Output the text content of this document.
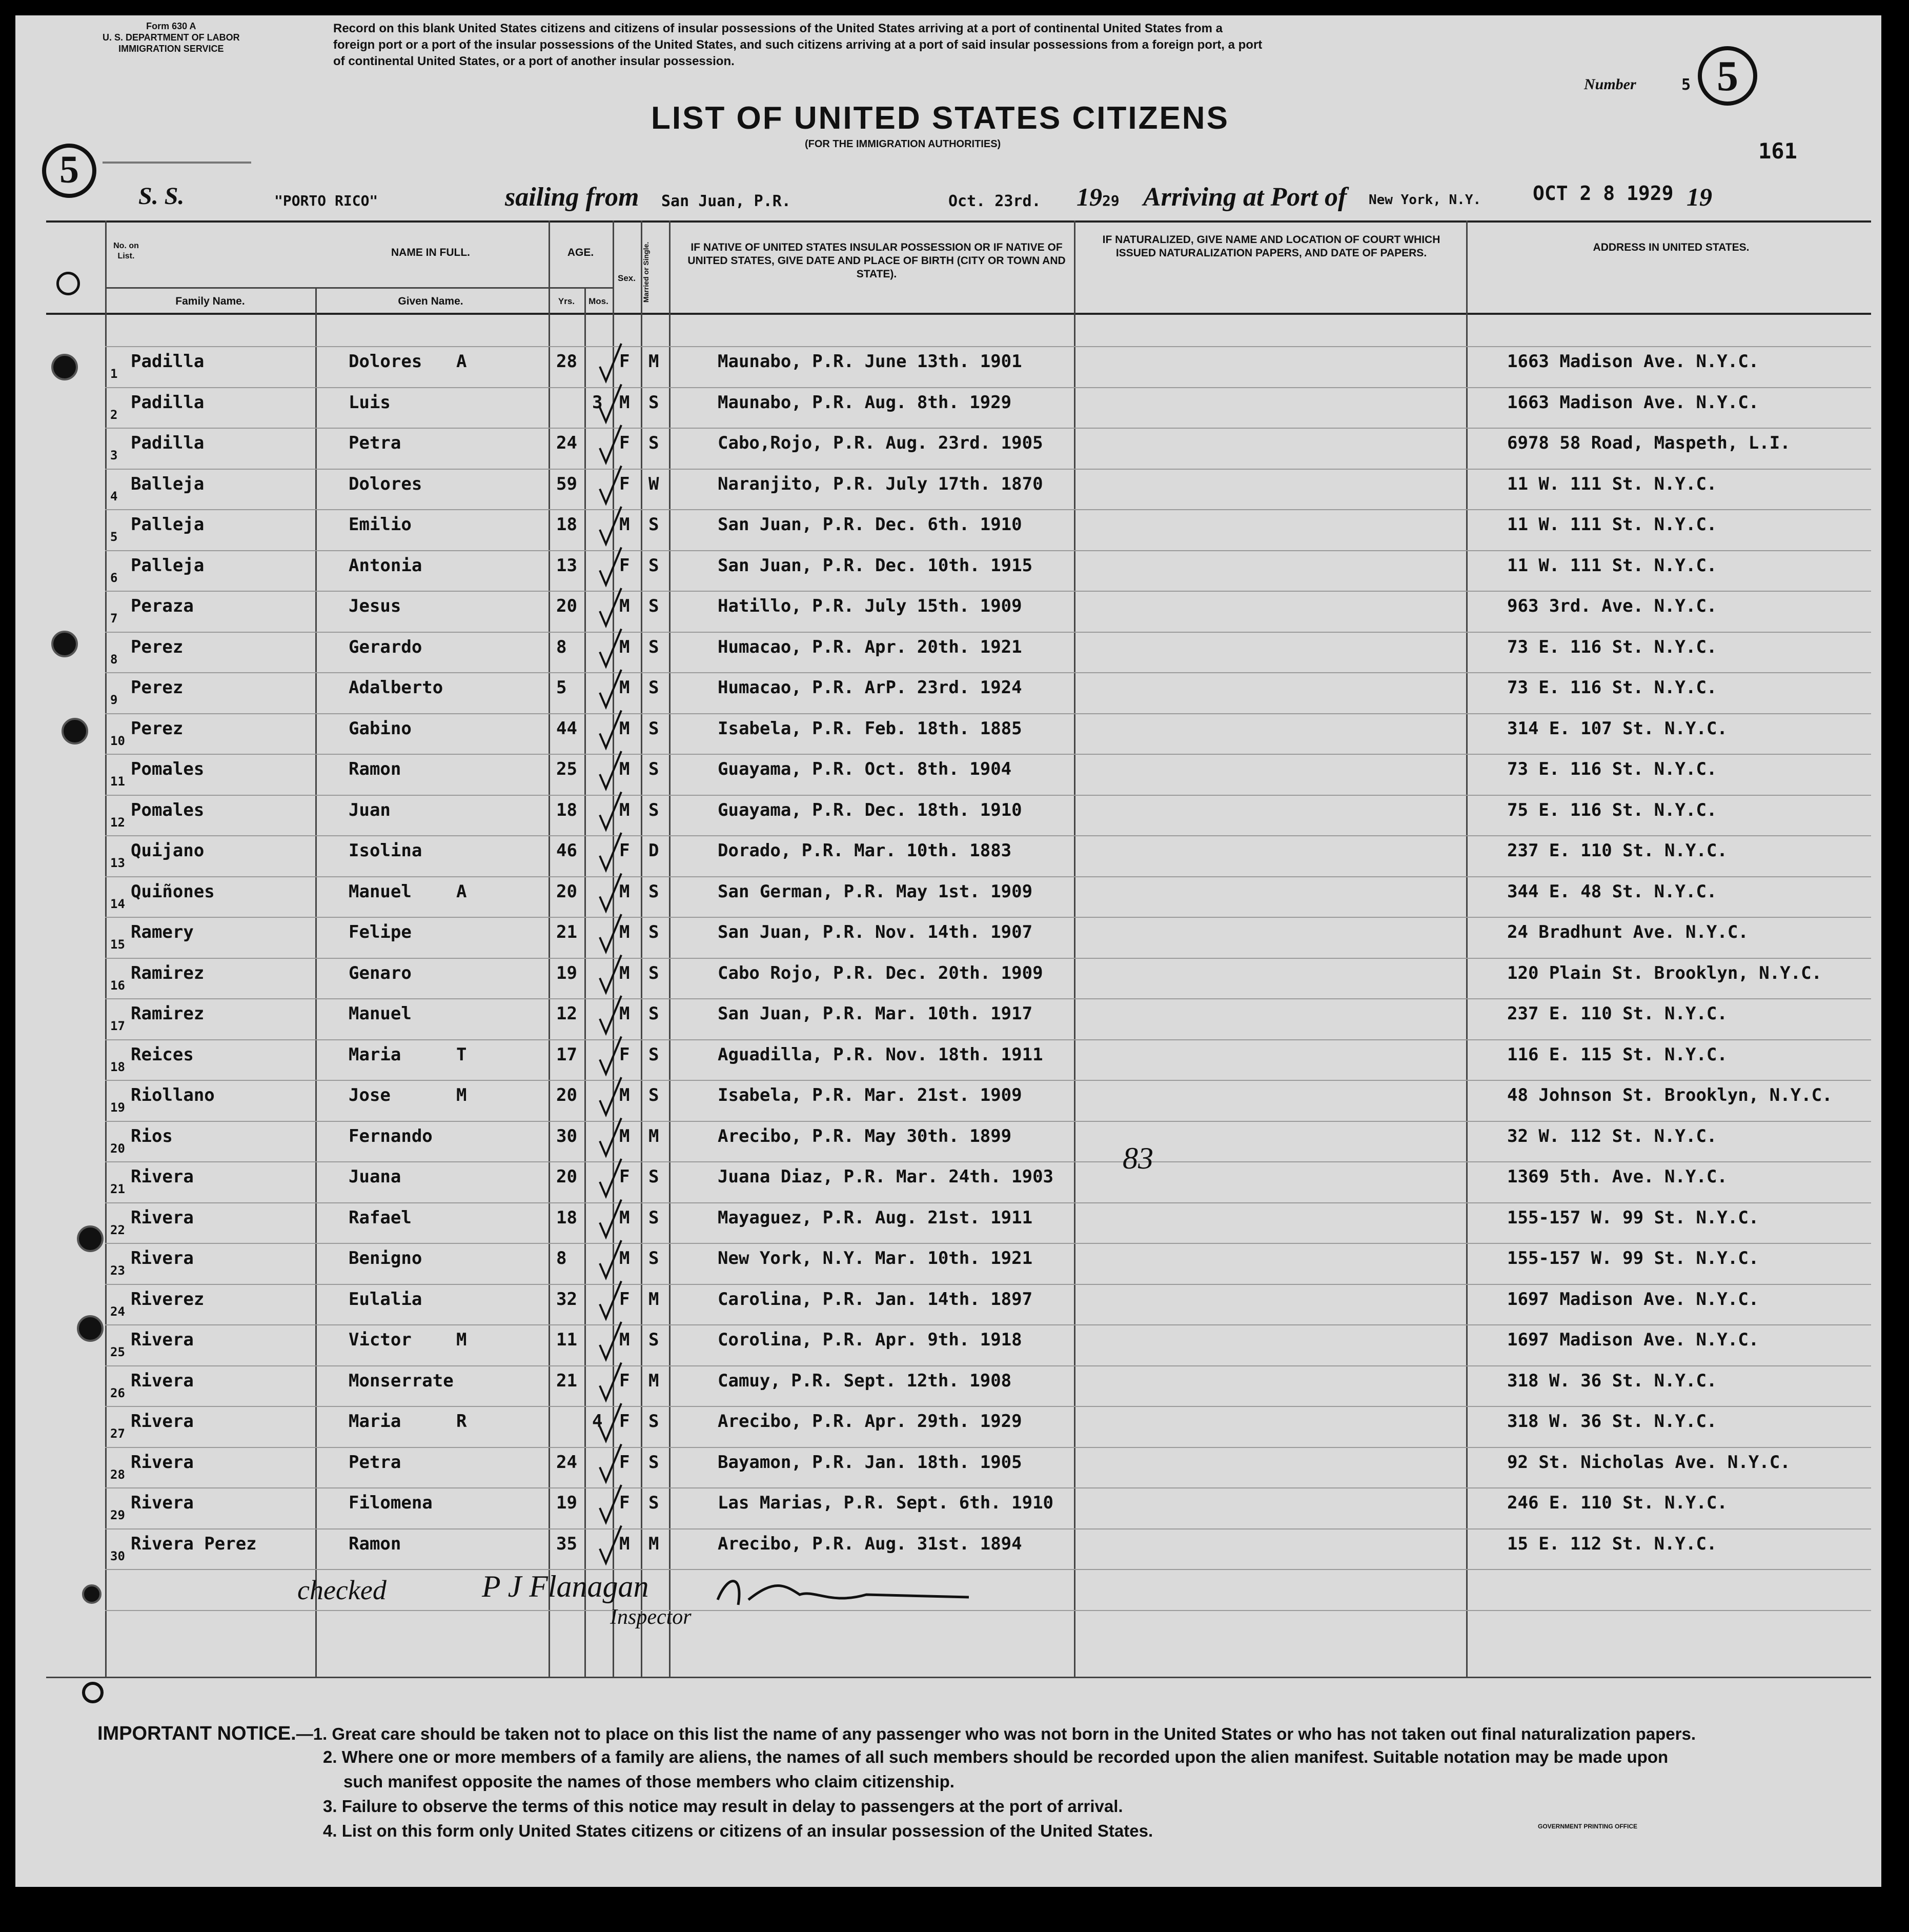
Form 630 A
U. S. DEPARTMENT OF LABOR
IMMIGRATION SERVICE
Record on this blank United States citizens and citizens of insular possessions of the United States arriving at a port of continental United States from a
foreign port or a port of the insular possessions of the United States, and such citizens arriving at a port of said insular possessions from a foreign port, a port
of continental United States, or a port of another insular possession.
Number	5 5
LIST OF UNITED STATES CITIZENS
(FOR THE IMMIGRATION AUTHORITIES)	161
5
S. S.	"PORTO RICO"	sailing from San Juan, P.R.	Oct. 23rd. 19 29 Arriving at Port of New York, N.Y.	OCT 2 8 1929 19
No. on List.	NAME IN FULL.
Family Name.	Given Name.
AGE.
Yrs.	Mos.
Sex. Married or Single.	IF NATIVE OF UNITED STATES INSULAR POSSESSION OR IF NATIVE OF UNITED STATES, GIVE DATE AND PLACE OF BIRTH (CITY OR TOWN AND STATE).
IF NATURALIZED, GIVE NAME AND LOCATION OF COURT WHICH ISSUED NATURALIZATION PAPERS, AND DATE OF PAPERS.	ADDRESS IN UNITED STATES.
1
Padilla	Dolores A	28 F M	Maunabo, P.R. June 13th. 1901	1663 Madison Ave. N.Y.C.
2
Padilla	Luis	3 M S	Maunabo, P.R. Aug. 8th. 1929	1663 Madison Ave. N.Y.C.
3
Padilla	Petra	24 F S	Cabo,Rojo, P.R. Aug. 23rd. 1905	6978 58 Road, Maspeth, L.I.
4
Balleja	Dolores	59 F W	Naranjito, P.R. July 17th. 1870	11 W. 111 St. N.Y.C.
5
Palleja	Emilio	18 M S	San Juan, P.R. Dec. 6th. 1910	11 W. 111 St. N.Y.C.
6
Palleja	Antonia	13 F S	San Juan, P.R. Dec. 10th. 1915	11 W. 111 St. N.Y.C.
7
Peraza	Jesus	20 M S	Hatillo, P.R. July 15th. 1909	963 3rd. Ave. N.Y.C.
8
Perez	Gerardo	8	M S	Humacao, P.R. Apr. 20th. 1921	73 E. 116 St. N.Y.C.
9
Perez	Adalberto	5	M S	Humacao, P.R. ArP. 23rd. 1924	73 E. 116 St. N.Y.C.
10
Perez	Gabino	44 M S	Isabela, P.R. Feb. 18th. 1885	314 E. 107 St. N.Y.C.
11
Pomales	Ramon	25 M S	Guayama, P.R. Oct. 8th. 1904	73 E. 116 St. N.Y.C.
12
Pomales	Juan	18 M S	Guayama, P.R. Dec. 18th. 1910	75 E. 116 St. N.Y.C.
13
Quijano	Isolina	46 F D	Dorado, P.R. Mar. 10th. 1883	237 E. 110 St. N.Y.C.
14
Quiñones	Manuel	A	20 M S	San German, P.R. May 1st. 1909	344 E. 48 St. N.Y.C.
15
Ramery	Felipe	21 M S	San Juan, P.R. Nov. 14th. 1907	24 Bradhunt Ave. N.Y.C.
16
Ramirez	Genaro	19 M S	Cabo Rojo, P.R. Dec. 20th. 1909	120 Plain St. Brooklyn, N.Y.C.
17
Ramirez	Manuel	12 M S	San Juan, P.R. Mar. 10th. 1917	237 E. 110 St. N.Y.C.
18
Reices	Maria	T	17 F S	Aguadilla, P.R. Nov. 18th. 1911	116 E. 115 St. N.Y.C.
19
Riollano	Jose	M	20 M S	Isabela, P.R. Mar. 21st. 1909	48 Johnson St. Brooklyn, N.Y.C.
20
Rios	Fernando	30 M M	Arecibo, P.R. May 30th. 1899	32 W. 112 St. N.Y.C.
21
Rivera	Juana	20 F S	Juana Diaz, P.R. Mar. 24th. 1903	1369 5th. Ave. N.Y.C.
22
Rivera	Rafael	18 M S	Mayaguez, P.R. Aug. 21st. 1911	155-157 W. 99 St. N.Y.C.
23
Rivera	Benigno	8	M S	New York, N.Y. Mar. 10th. 1921	155-157 W. 99 St. N.Y.C.
24
Riverez	Eulalia	32 F M	Carolina, P.R. Jan. 14th. 1897	1697 Madison Ave. N.Y.C.
25
Rivera	Victor	M	11 M S	Corolina, P.R. Apr. 9th. 1918	1697 Madison Ave. N.Y.C.
26
Rivera	Monserrate	21 F M	Camuy, P.R. Sept. 12th. 1908	318 W. 36 St. N.Y.C.
27
Rivera	Maria	R	4 F S	Arecibo, P.R. Apr. 29th. 1929	318 W. 36 St. N.Y.C.
28
Rivera	Petra	24 F S	Bayamon, P.R. Jan. 18th. 1905	92 St. Nicholas Ave. N.Y.C.
29
Rivera	Filomena	19 F S	Las Marias, P.R. Sept. 6th. 1910	246 E. 110 St. N.Y.C.
30
Rivera Perez	Ramon	35 M M	Arecibo, P.R. Aug. 31st. 1894	15 E. 112 St. N.Y.C.
83
checked	P J Flanagan
Inspector
IMPORTANT NOTICE.—1. Great care should be taken not to place on this list the name of any passenger who was not born in the United States or who has not taken out final naturalization papers.
2. Where one or more members of a family are aliens, the names of all such members should be recorded upon the alien manifest. Suitable notation may be made upon
such manifest opposite the names of those members who claim citizenship.
3. Failure to observe the terms of this notice may result in delay to passengers at the port of arrival.
4. List on this form only United States citizens or citizens of an insular possession of the United States.	GOVERNMENT PRINTING OFFICE
